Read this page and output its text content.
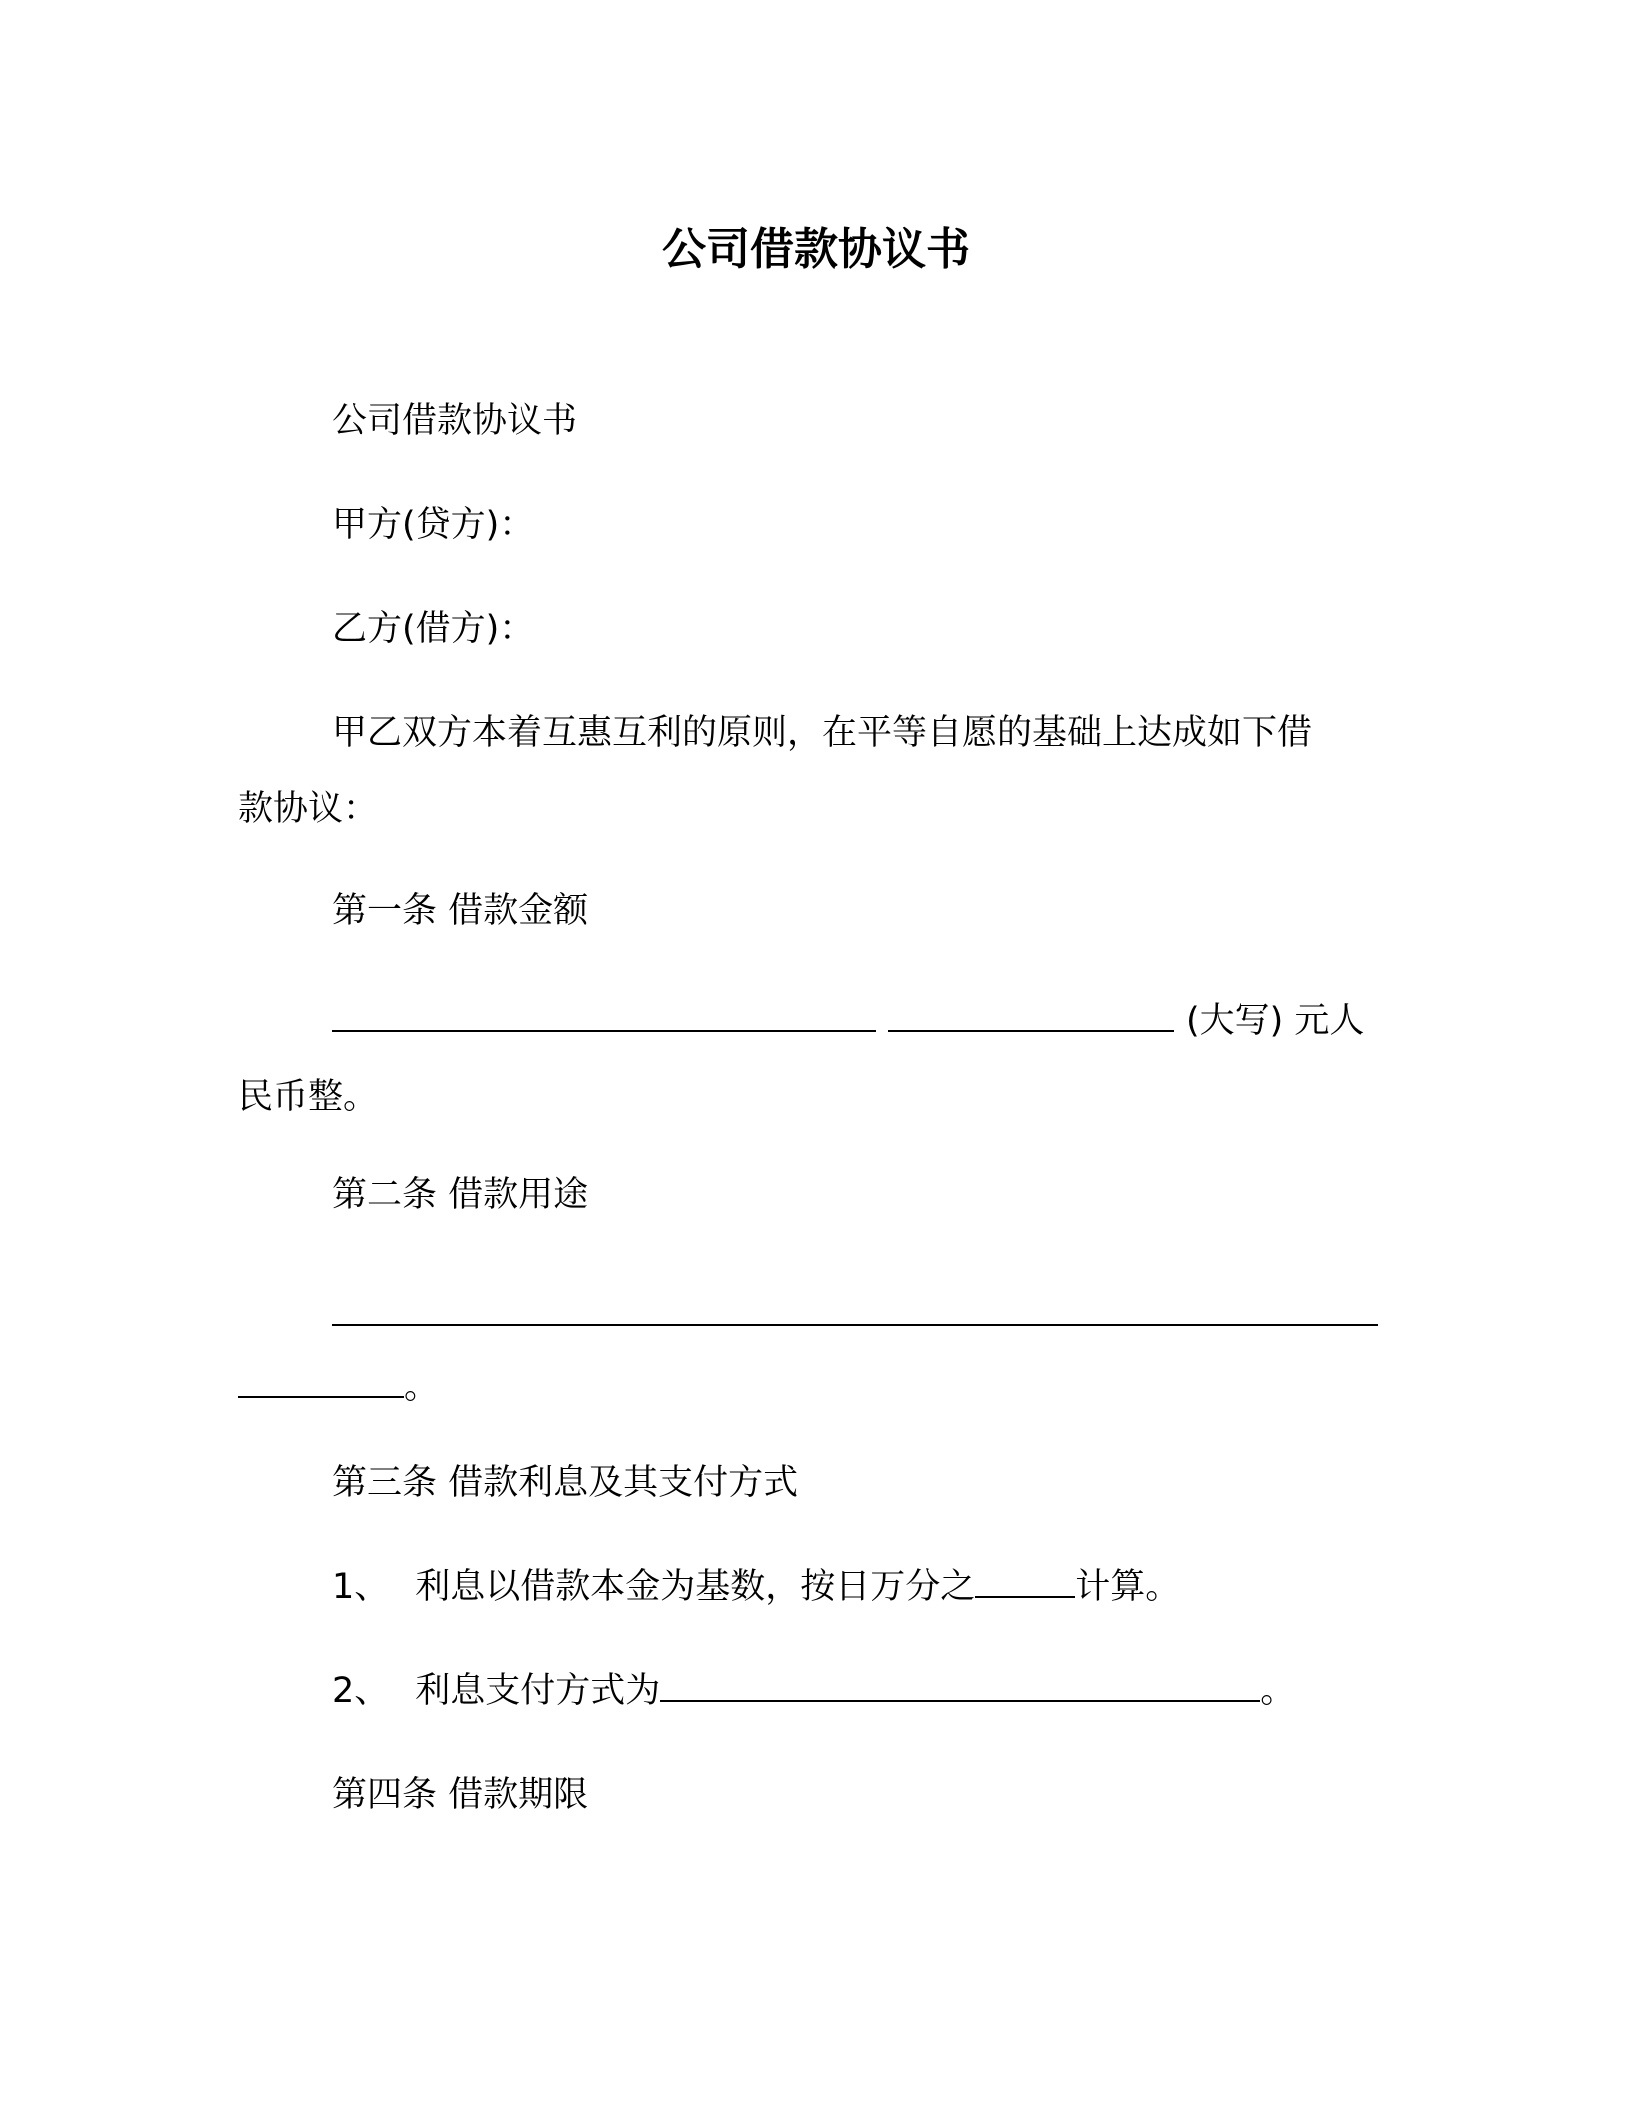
公司借款协议书

公司借款协议书

甲方(贷方)：

乙方(借方)：

甲乙双方本着互惠互利的原则，在平等自愿的基础上达成如下借

款协议：

第一条 借款金额

(大写) 元人

民币整。

第二条 借款用途

。

第三条 借款利息及其支付方式

1、 利息以借款本金为基数，按日万分之	计算。

2、 利息支付方式为	。

第四条 借款期限
